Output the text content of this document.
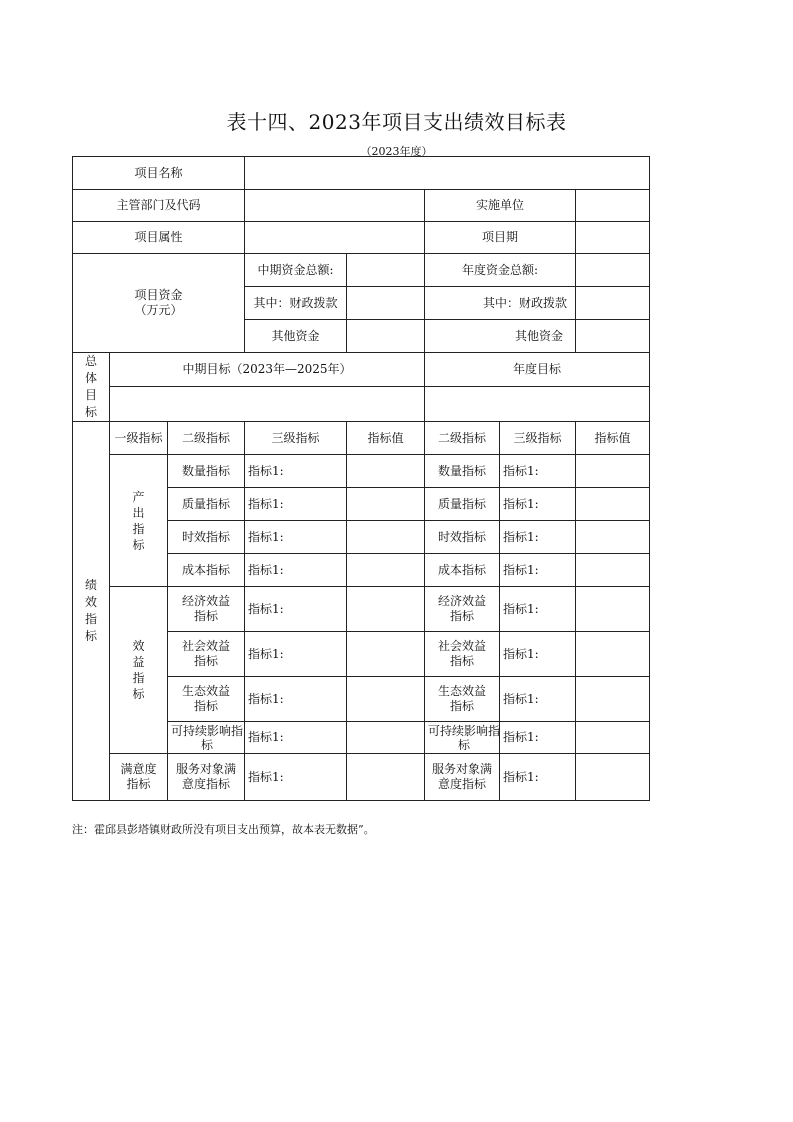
表十四、2023年项目支出绩效目标表
（2023年度）
项目名称							
主管部门及代码					实施单位		
项目属性					项目期		

项目资金
（万元）			中期资金总额:		年度资金总额:		
			其中：财政拨款		其中：财政拨款		
			其他资金		其他资金		

总体目标	中期目标（2023年—2025年）				年度目标		

绩效指标	一级指标	二级指标	三级指标	指标值	二级指标	三级指标	指标值

	产出指标	数量指标	指标1:		数量指标	指标1:	
		质量指标	指标1:		质量指标	指标1:	
		时效指标	指标1:		时效指标	指标1:	
		成本指标	指标1:		成本指标	指标1:	

	效益指标	经济效益指标	指标1:		经济效益指标	指标1:	

		社会效益指标	指标1:		社会效益指标	指标1:	

		生态效益指标	指标1:		生态效益指标	指标1:	

		可持续影响指标	指标1:		可持续影响指标	指标1:	

	满意度指标	服务对象满意度指标	指标1:		服务对象满意度指标	指标1:	
注：霍邱县彭塔镇财政所没有项目支出预算，故本表无数据”。
